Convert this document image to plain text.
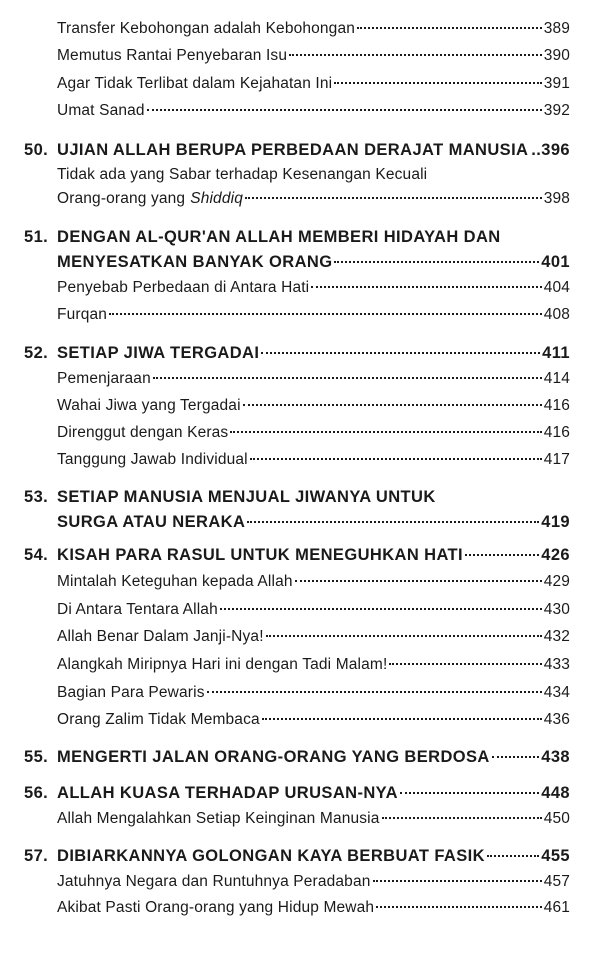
Transfer Kebohongan adalah Kebohongan	389
Memutus Rantai Penyebaran Isu	390
Agar Tidak Terlibat dalam Kejahatan Ini	391
Umat Sanad	392
50. UJIAN ALLAH BERUPA PERBEDAAN DERAJAT MANUSIA .. 396
Tidak ada yang Sabar terhadap Kesenangan Kecuali
Orang-orang yang Shiddiq	398
51. DENGAN AL-QUR'AN ALLAH MEMBERI HIDAYAH DAN
MENYESATKAN BANYAK ORANG	401
Penyebab Perbedaan di Antara Hati	404
Furqan	408
52. SETIAP JIWA TERGADAI	411
Pemenjaraan	414
Wahai Jiwa yang Tergadai	416
Direnggut dengan Keras	416
Tanggung Jawab Individual	417
53. SETIAP MANUSIA MENJUAL JIWANYA UNTUK
SURGA ATAU NERAKA	419
54. KISAH PARA RASUL UNTUK MENEGUHKAN HATI	426
Mintalah Keteguhan kepada Allah	429
Di Antara Tentara Allah	430
Allah Benar Dalam Janji-Nya!	432
Alangkah Miripnya Hari ini dengan Tadi Malam!	433
Bagian Para Pewaris	434
Orang Zalim Tidak Membaca	436
55. MENGERTI JALAN ORANG-ORANG YANG BERDOSA	438
56. ALLAH KUASA TERHADAP URUSAN-NYA	448
Allah Mengalahkan Setiap Keinginan Manusia	450
57. DIBIARKANNYA GOLONGAN KAYA BERBUAT FASIK	455
Jatuhnya Negara dan Runtuhnya Peradaban	457
Akibat Pasti Orang-orang yang Hidup Mewah	461
